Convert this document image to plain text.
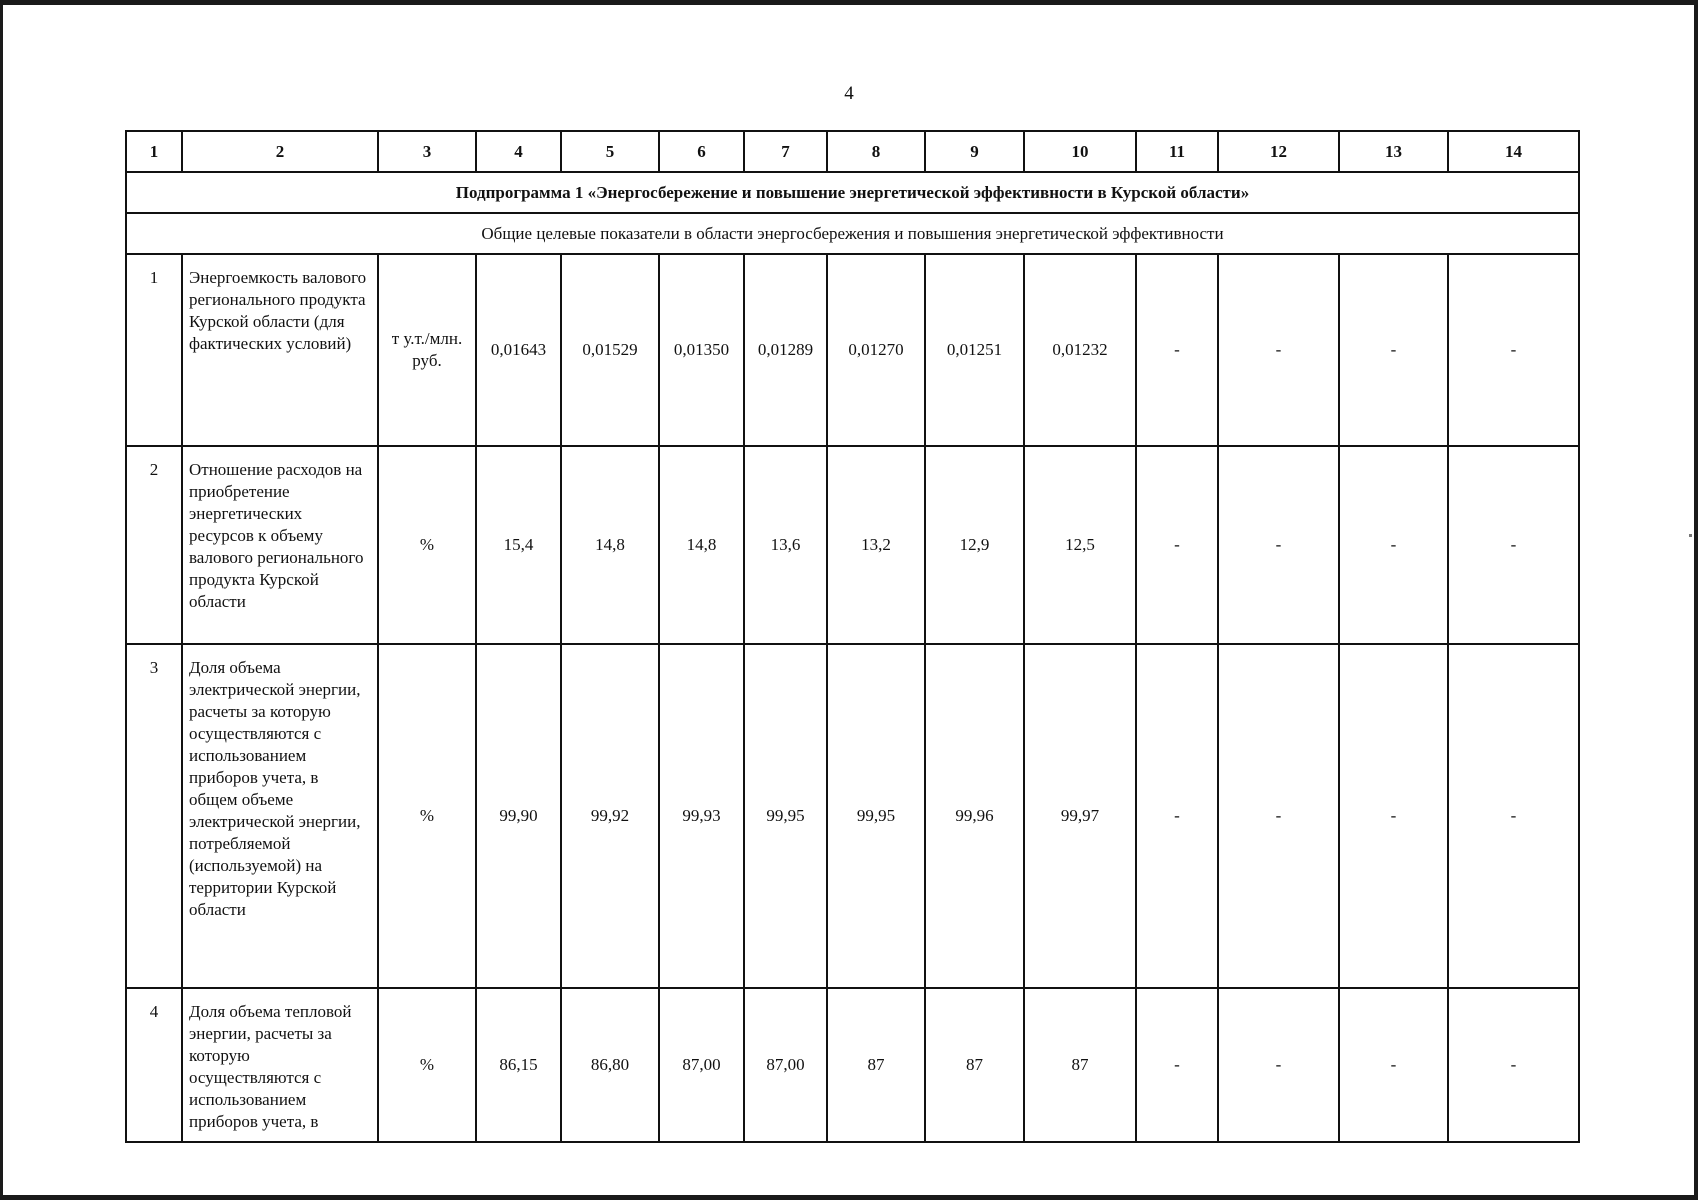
4
1	2	3	4	5	6	7	8	9	10	11	12	13	14
Подпрограмма 1 «Энергосбережение и повышение энергетической эффективности в Курской области»													
Общие целевые показатели в области энергосбережения и повышения энергетической эффективности													
1	Энергоемкость валового регионального продукта Курской области (для фактических условий)	т у.т./млн. руб.	0,01643	0,01529	0,01350	0,01289	0,01270	0,01251	0,01232	-	-	-	-
2	Отношение расходов на приобретение энергетических ресурсов к объему валового регионального продукта Курской области	%	15,4	14,8	14,8	13,6	13,2	12,9	12,5	-	-	-	-
3	Доля объема электрической энергии, расчеты за которую осуществляются с использованием приборов учета, в общем объеме электрической энергии, потребляемой (используемой) на территории Курской области	%	99,90	99,92	99,93	99,95	99,95	99,96	99,97	-	-	-	-
4	Доля объема тепловой энергии, расчеты за которую осуществляются с использованием приборов учета, в	%	86,15	86,80	87,00	87,00	87	87	87	-	-	-	-
